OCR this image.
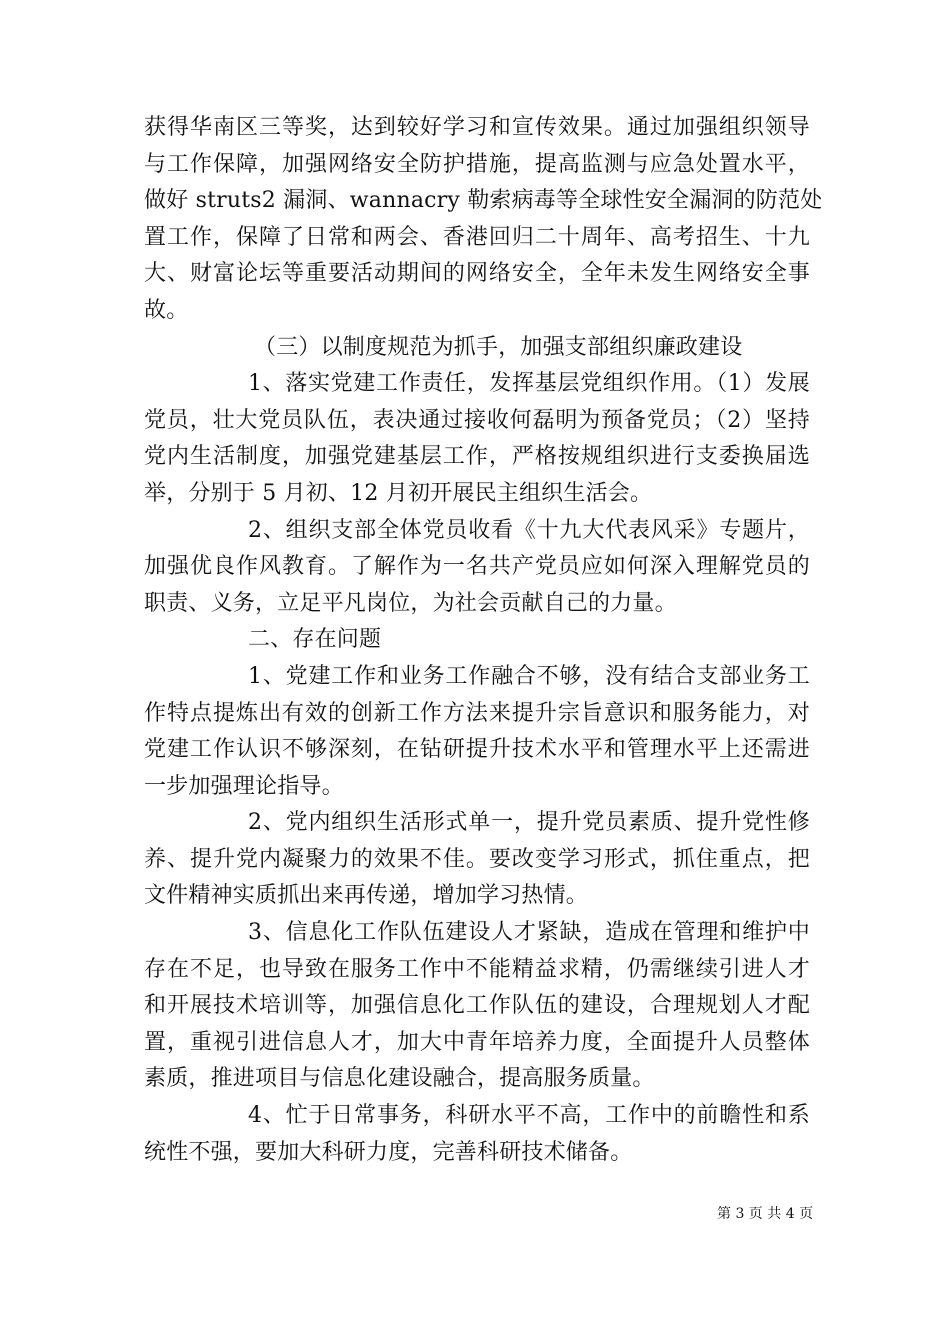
获得华南区三等奖，达到较好学习和宣传效果。通过加强组织领导
与工作保障，加强网络安全防护措施，提高监测与应急处置水平，
做好 struts2 漏洞、wannacry 勒索病毒等全球性安全漏洞的防范处
置工作，保障了日常和两会、香港回归二十周年、高考招生、十九
大、财富论坛等重要活动期间的网络安全，全年未发生网络安全事
故。
（三）以制度规范为抓手，加强支部组织廉政建设
1、落实党建工作责任，发挥基层党组织作用。（1）发展
党员，壮大党员队伍，表决通过接收何磊明为预备党员；（2）坚持
党内生活制度，加强党建基层工作，严格按规组织进行支委换届选
举，分别于 5 月初、12 月初开展民主组织生活会。
2、组织支部全体党员收看《十九大代表风采》专题片，
加强优良作风教育。了解作为一名共产党员应如何深入理解党员的
职责、义务，立足平凡岗位，为社会贡献自己的力量。
二、存在问题
1、党建工作和业务工作融合不够，没有结合支部业务工
作特点提炼出有效的创新工作方法来提升宗旨意识和服务能力，对
党建工作认识不够深刻，在钻研提升技术水平和管理水平上还需进
一步加强理论指导。
2、党内组织生活形式单一，提升党员素质、提升党性修
养、提升党内凝聚力的效果不佳。要改变学习形式，抓住重点，把
文件精神实质抓出来再传递，增加学习热情。
3、信息化工作队伍建设人才紧缺，造成在管理和维护中
存在不足，也导致在服务工作中不能精益求精，仍需继续引进人才
和开展技术培训等，加强信息化工作队伍的建设，合理规划人才配
置，重视引进信息人才，加大中青年培养力度，全面提升人员整体
素质，推进项目与信息化建设融合，提高服务质量。
4、忙于日常事务，科研水平不高，工作中的前瞻性和系
统性不强，要加大科研力度，完善科研技术储备。
第 3 页 共 4 页
